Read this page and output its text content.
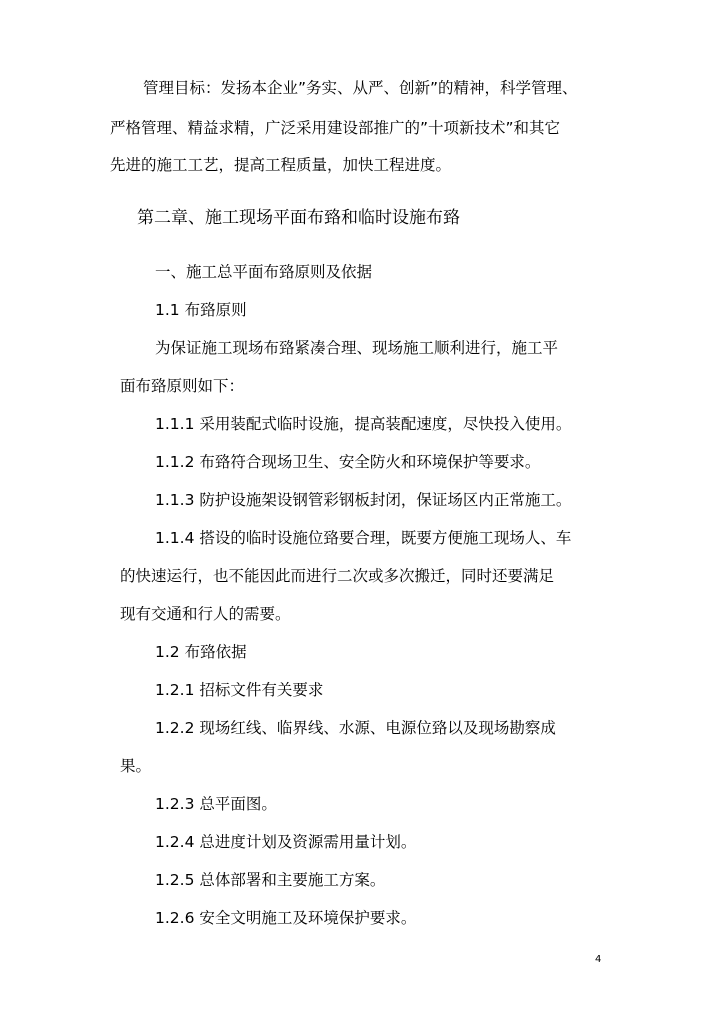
管理目标：发扬本企业”务实、从严、创新”的精神，科学管理、

严格管理、精益求精，广泛采用建设部推广的”十项新技术”和其它

先进的施工工艺，提高工程质量，加快工程进度。

第二章、施工现场平面布臵和临时设施布臵

一、施工总平面布臵原则及依据

1.1 布臵原则

为保证施工现场布臵紧凑合理、现场施工顺利进行，施工平

面布臵原则如下：

1.1.1 采用装配式临时设施，提高装配速度，尽快投入使用。

1.1.2 布臵符合现场卫生、安全防火和环境保护等要求。

1.1.3 防护设施架设钢管彩钢板封闭，保证场区内正常施工。

1.1.4 搭设的临时设施位臵要合理，既要方便施工现场人、车

的快速运行，也不能因此而进行二次或多次搬迁，同时还要满足

现有交通和行人的需要。

1.2 布臵依据

1.2.1 招标文件有关要求

1.2.2 现场红线、临界线、水源、电源位臵以及现场勘察成

果。

1.2.3 总平面图。

1.2.4 总进度计划及资源需用量计划。

1.2.5 总体部署和主要施工方案。

1.2.6 安全文明施工及环境保护要求。

4
